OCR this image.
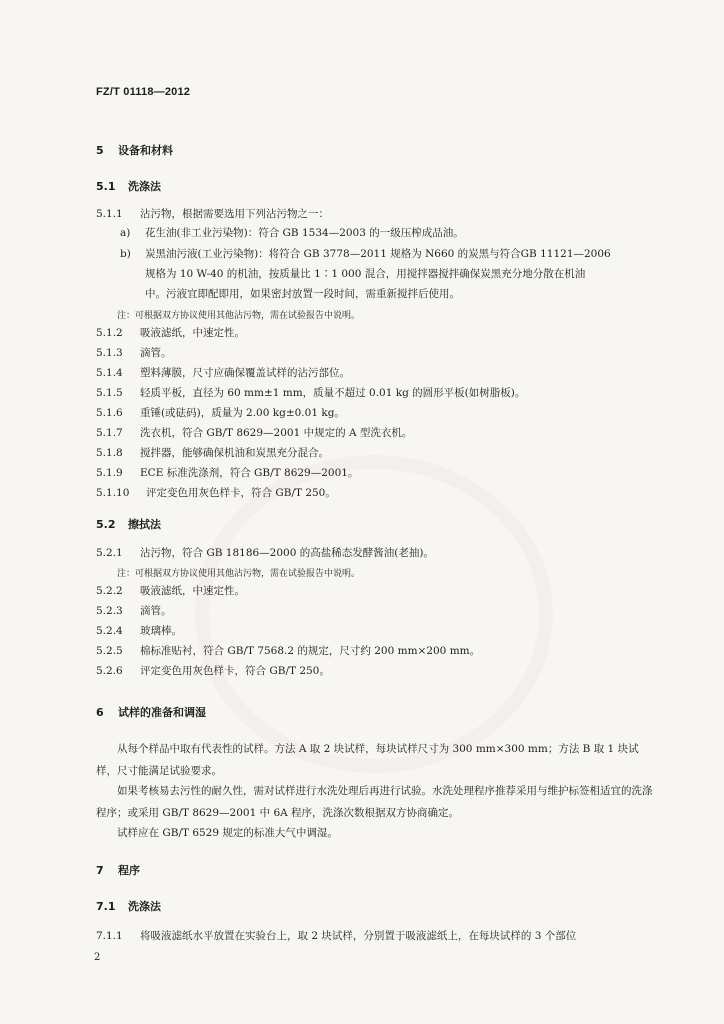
FZ/T 01118—2012
5 设备和材料
5.1 洗涤法
5.1.1 沾污物，根据需要选用下列沾污物之一：
a) 花生油(非工业污染物)：符合 GB 1534—2003 的一级压榨成品油。
b) 炭黑油污液(工业污染物)：将符合 GB 3778—2011 规格为 N660 的炭黑与符合GB 11121—2006
规格为 10 W-40 的机油，按质量比 1∶1 000 混合，用搅拌器搅拌确保炭黑充分地分散在机油
中。污液宜即配即用，如果密封放置一段时间，需重新搅拌后使用。
注：可根据双方协议使用其他沾污物，需在试验报告中说明。
5.1.2 吸液滤纸，中速定性。
5.1.3 滴管。
5.1.4 塑料薄膜，尺寸应确保覆盖试样的沾污部位。
5.1.5 轻质平板，直径为 60 mm±1 mm，质量不超过 0.01 kg 的圆形平板(如树脂板)。
5.1.6 重锤(或砝码)，质量为 2.00 kg±0.01 kg。
5.1.7 洗衣机，符合 GB/T 8629—2001 中规定的 A 型洗衣机。
5.1.8 搅拌器，能够确保机油和炭黑充分混合。
5.1.9 ECE 标准洗涤剂，符合 GB/T 8629—2001。
5.1.10 评定变色用灰色样卡，符合 GB/T 250。
5.2 擦拭法
5.2.1 沾污物，符合 GB 18186—2000 的高盐稀态发酵酱油(老抽)。
注：可根据双方协议使用其他沾污物，需在试验报告中说明。
5.2.2 吸液滤纸，中速定性。
5.2.3 滴管。
5.2.4 玻璃棒。
5.2.5 棉标准贴衬，符合 GB/T 7568.2 的规定，尺寸约 200 mm×200 mm。
5.2.6 评定变色用灰色样卡，符合 GB/T 250。
6 试样的准备和调湿
从每个样品中取有代表性的试样。方法 A 取 2 块试样，每块试样尺寸为 300 mm×300 mm；方法 B 取 1 块试样，尺寸能满足试验要求。
如果考核易去污性的耐久性，需对试样进行水洗处理后再进行试验。水洗处理程序推荐采用与维护标签相适宜的洗涤程序；或采用 GB/T 8629—2001 中 6A 程序，洗涤次数根据双方协商确定。
试样应在 GB/T 6529 规定的标准大气中调湿。
7 程序
7.1 洗涤法
7.1.1 将吸液滤纸水平放置在实验台上，取 2 块试样，分别置于吸液滤纸上，在每块试样的 3 个部位
2
